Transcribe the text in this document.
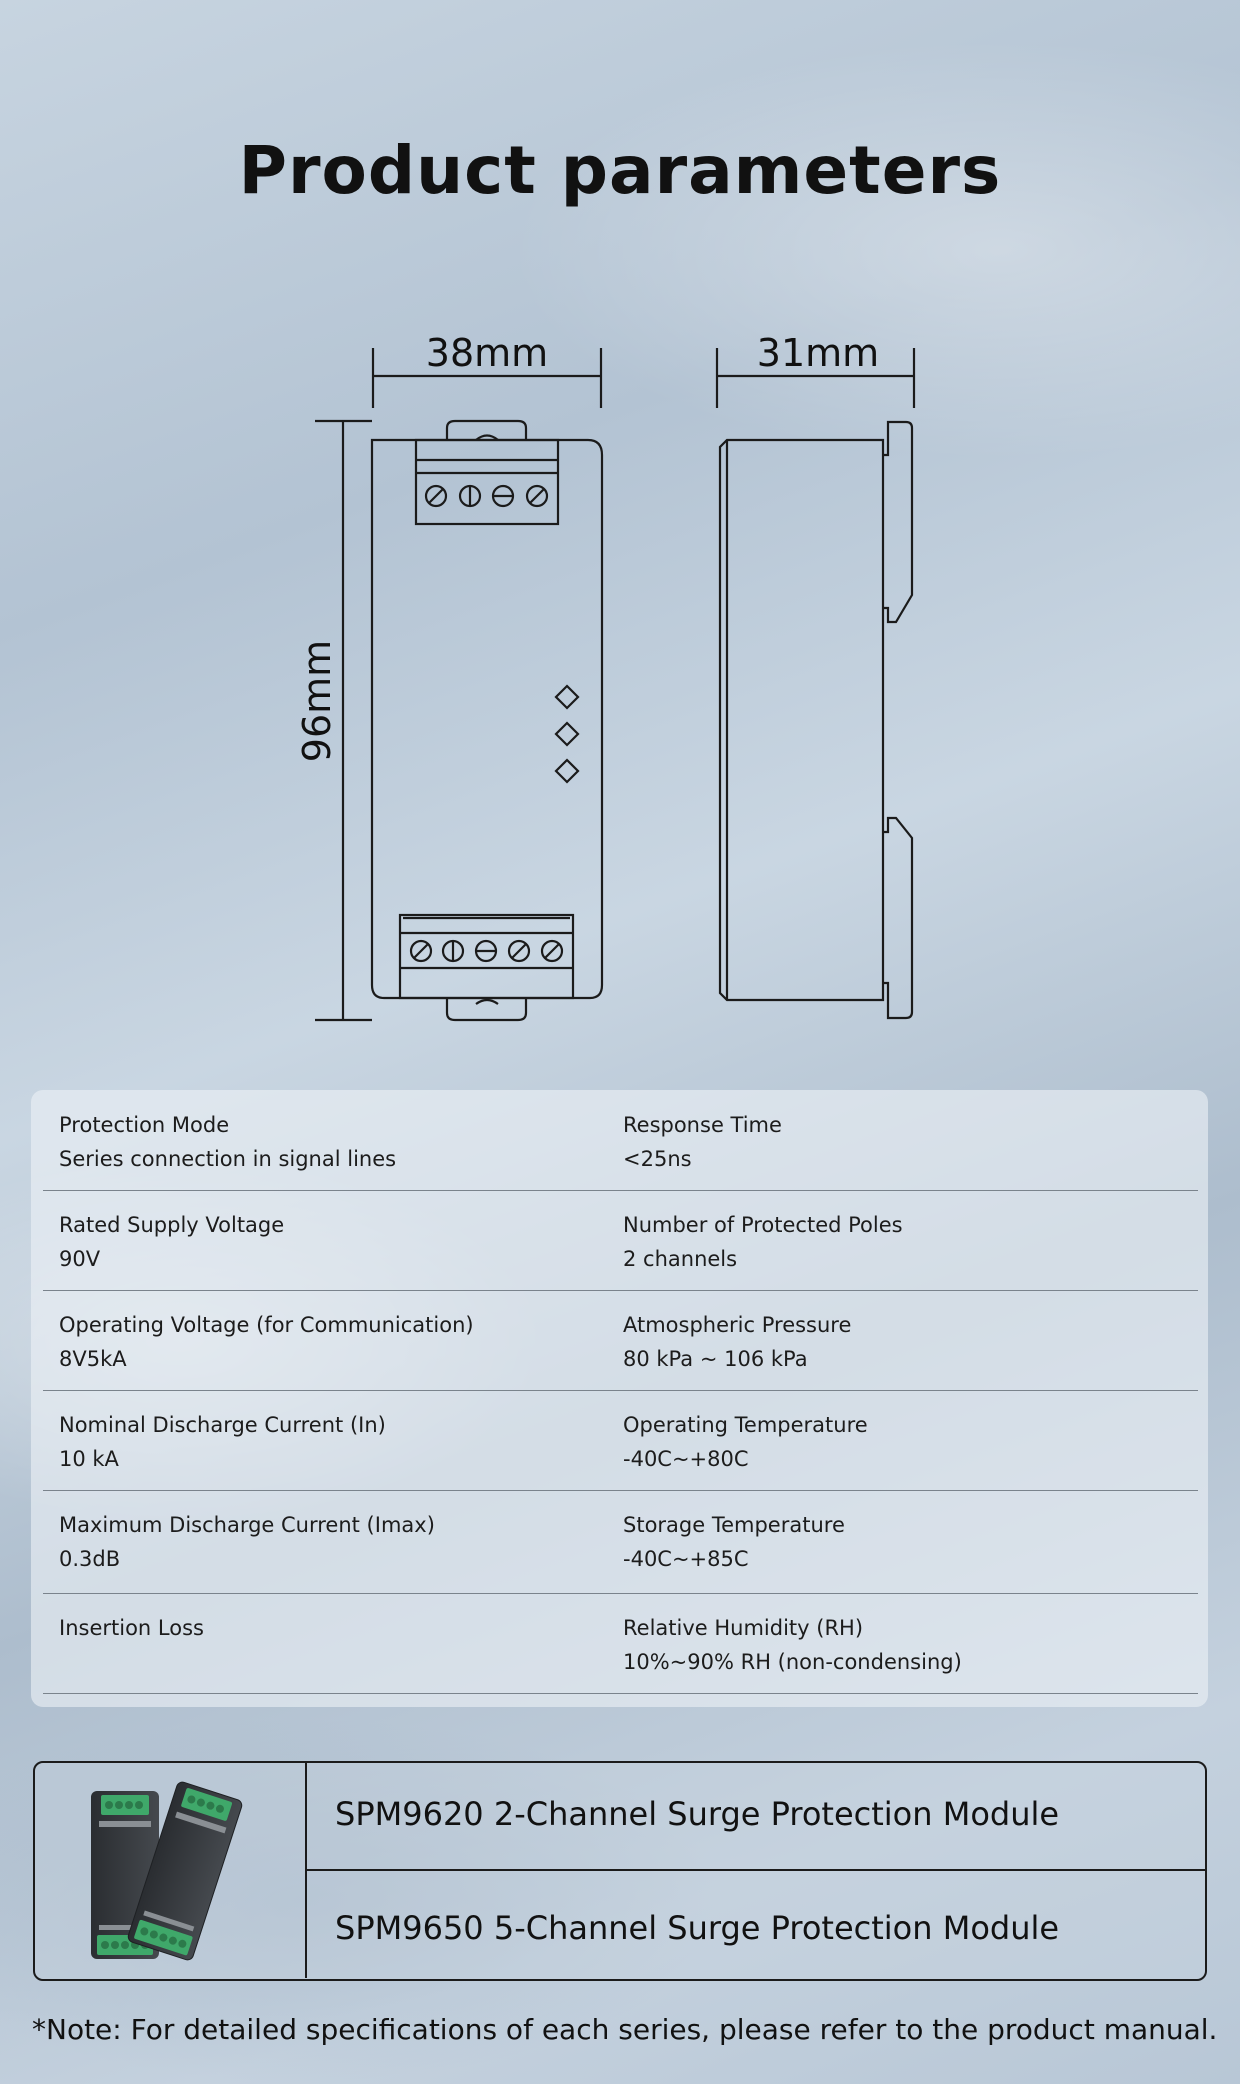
Product parameters
38mm	31mm
96mm
Protection Mode
Series connection in signal lines
Response Time
<25ns
Rated Supply Voltage
90V
Number of Protected Poles
2 channels
Operating Voltage (for Communication)
8V5kA
Atmospheric Pressure
80 kPa ~ 106 kPa
Nominal Discharge Current (In)
10 kA
Operating Temperature
-40C~+80C
Maximum Discharge Current (Imax)
0.3dB
Storage Temperature
-40C~+85C
Insertion Loss	Relative Humidity (RH)
10%~90% RH (non-condensing)
SPM9620 2-Channel Surge Protection Module
SPM9650 5-Channel Surge Protection Module
*Note: For detailed specifications of each series, please refer to the product manual.
